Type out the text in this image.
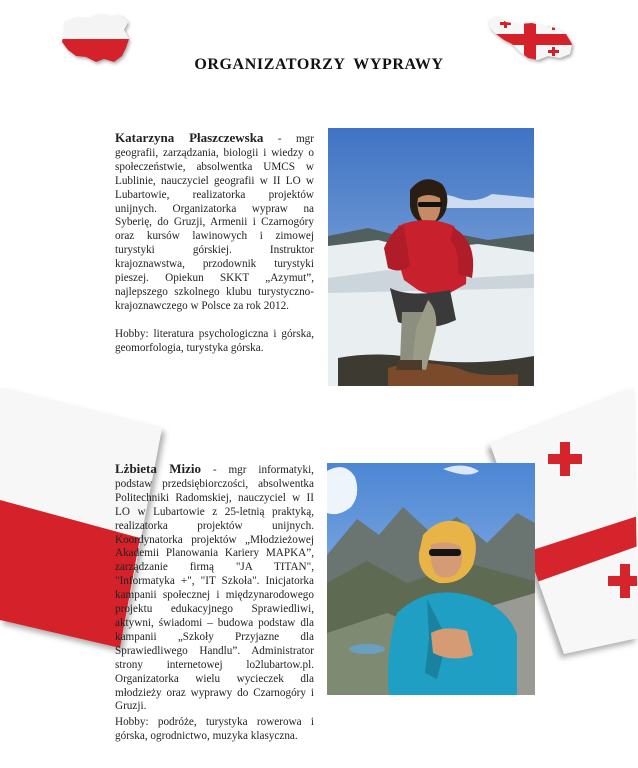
ORGANIZATORZY WYPRAWY

Katarzyna Płaszczewska - mgr geografii, zarządzania, biologii i wiedzy o społeczeństwie, absolwentka UMCS w Lublinie, nauczyciel geografii w II LO w Lubartowie, realizatorka projektów unijnych. Organizatorka wypraw na Syberię, do Gruzji, Armenii i Czarnogóry oraz kursów lawinowych i zimowej turystyki górskiej. Instruktor krajoznawstwa, przodownik turystyki pieszej. Opiekun SKKT „Azymut”, najlepszego szkolnego klubu turystyczno-krajoznawczego w Polsce za rok 2012.

Hobby: literatura psychologiczna i górska, geomorfologia, turystyka górska.

Lżbieta Mizio - mgr informatyki, podstaw przedsiębiorczości, absolwentka Politechniki Radomskiej, nauczyciel w II LO w Lubartowie z 25-letnią praktyką, realizatorka projektów unijnych. Koordynatorka projektów „Młodzieżowej Akademii Planowania Kariery MAPKA”, zarządzanie firmą "JA TITAN", "Informatyka +", "IT Szkoła". Inicjatorka kampanii społecznej i międzynarodowego projektu edukacyjnego Sprawiedliwi, aktywni, świadomi – budowa podstaw dla kampanii „Szkoły Przyjazne dla Sprawiedliwego Handlu”. Administrator strony internetowej lo2lubartow.pl. Organizatorka wielu wycieczek dla młodzieży oraz wyprawy do Czarnogóry i Gruzji.

Hobby: podróże, turystyka rowerowa i górska, ogrodnictwo, muzyka klasyczna.
